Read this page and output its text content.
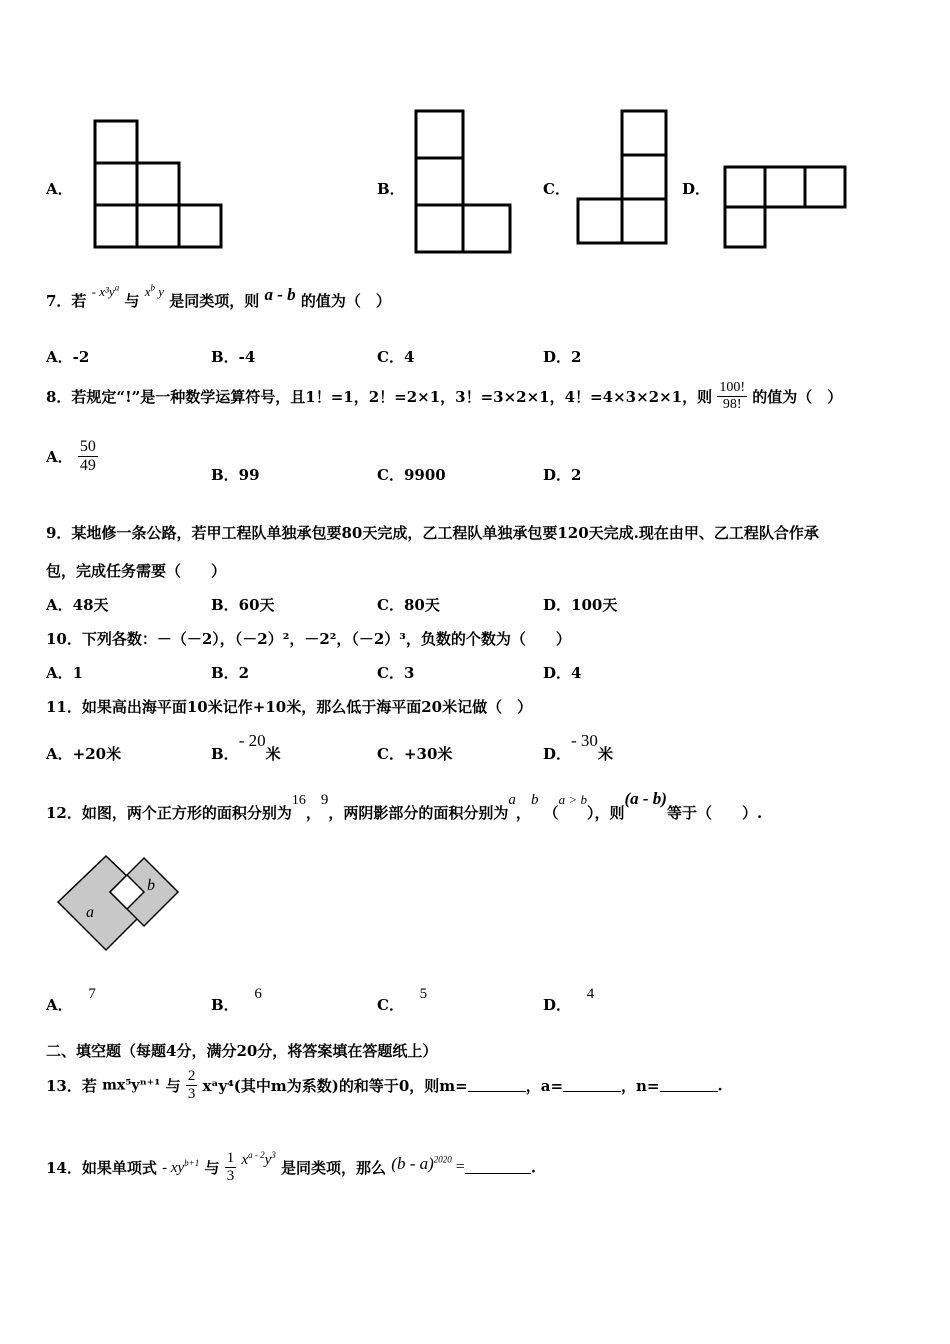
A．	B．	C．	D．
7．若 - $x^3y^a$ 与 $x^b$ y 是同类项，则 a - b 的值为（　）
A．-2	B．-4	C．4	D．2
8．若规定“!”是一种数学运算符号，且1！=1，2！=2×1，3！=3×2×1，4！=4×3×2×1，则 $\frac{100!}{98!}$ 的值为（　）
A． $\frac{50}{49}$	B．99	C．9900	D．2
9．某地修一条公路，若甲工程队单独承包要80天完成，乙工程队单独承包要120天完成.现在由甲、乙工程队合作承
包，完成任务需要（　　）
A．48天	B．60天	C．80天	D．100天
10．下列各数：－（－2），（－2）²，－2²，（－2）³，负数的个数为（　　）
A．1	B．2	C．3	D．4
11．如果高出海平面10米记作+10米，那么低于海平面20米记做（　）
A．+20米	B．- 20米	C．+30米	D．- 30米
12．如图，两个正方形的面积分别为16，9，两阴影部分的面积分别为a，b （a > b），则(a - b)等于（　　）.
a
b
A．   7
B．   6
C．   5
D．   4
二、填空题（每题4分，满分20分，将答案填在答题纸上）
13．若 mx⁵yⁿ⁺¹ 与 $\frac{2}{3}$ xᵃy⁴(其中m为系数)的和等于0，则m=	，a=	，n=	.
14．如果单项式 - $xy^{b+1}$ 与 $\frac{1}{3} x^{a - 2}y^3$ 是同类项，那么 (b - a)$^{2020}$ =	.
